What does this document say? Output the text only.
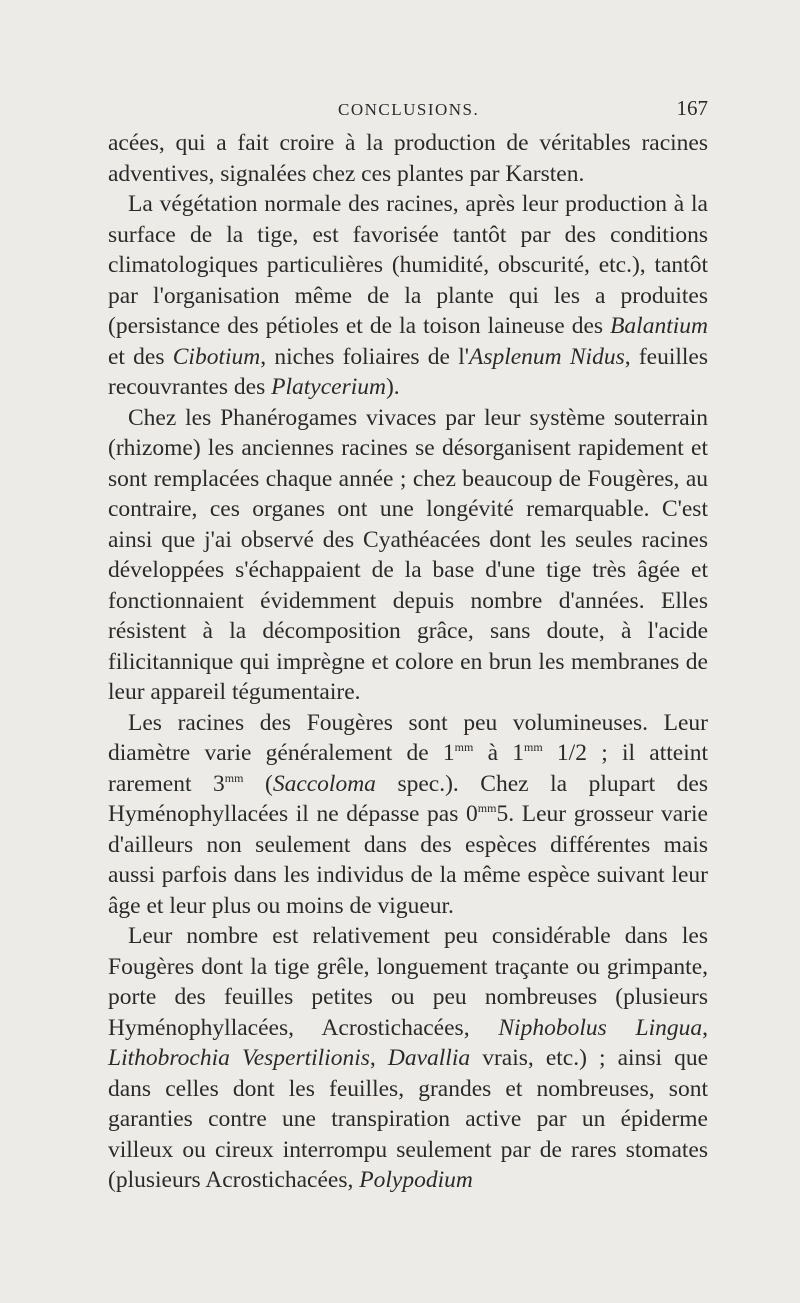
CONCLUSIONS.	167

acées, qui a fait croire à la production de véritables racines adventives, signalées chez ces plantes par Karsten.

La végétation normale des racines, après leur production à la surface de la tige, est favorisée tantôt par des conditions climatologiques particulières (humidité, obscurité, etc.), tantôt par l'organisation même de la plante qui les a produites (persistance des pétioles et de la toison laineuse des Balantium et des Cibotium, niches foliaires de l'Asplenum Nidus, feuilles recouvrantes des Platycerium).

Chez les Phanérogames vivaces par leur système souterrain (rhizome) les anciennes racines se désorganisent rapidement et sont remplacées chaque année ; chez beaucoup de Fougères, au contraire, ces organes ont une longévité remarquable. C'est ainsi que j'ai observé des Cyathéacées dont les seules racines développées s'échappaient de la base d'une tige très âgée et fonctionnaient évidemment depuis nombre d'années. Elles résistent à la décomposition grâce, sans doute, à l'acide filicitannique qui imprègne et colore en brun les membranes de leur appareil tégumentaire.

Les racines des Fougères sont peu volumineuses. Leur diamètre varie généralement de $1^{mm}$ à $1^{mm}$ 1/2 ; il atteint rarement $3^{mm}$ (Saccoloma spec.). Chez la plupart des Hyménophyllacées il ne dépasse pas $0^{mm}5$. Leur grosseur varie d'ailleurs non seulement dans des espèces différentes mais aussi parfois dans les individus de la même espèce suivant leur âge et leur plus ou moins de vigueur.

Leur nombre est relativement peu considérable dans les Fougères dont la tige grêle, longuement traçante ou grimpante, porte des feuilles petites ou peu nombreuses (plusieurs Hyménophyllacées, Acrostichacées, Niphobolus Lingua, Lithobrochia Vespertilionis, Davallia vrais, etc.) ; ainsi que dans celles dont les feuilles, grandes et nombreuses, sont garanties contre une transpiration active par un épiderme villeux ou cireux interrompu seulement par de rares stomates (plusieurs Acrostichacées, Polypodium
